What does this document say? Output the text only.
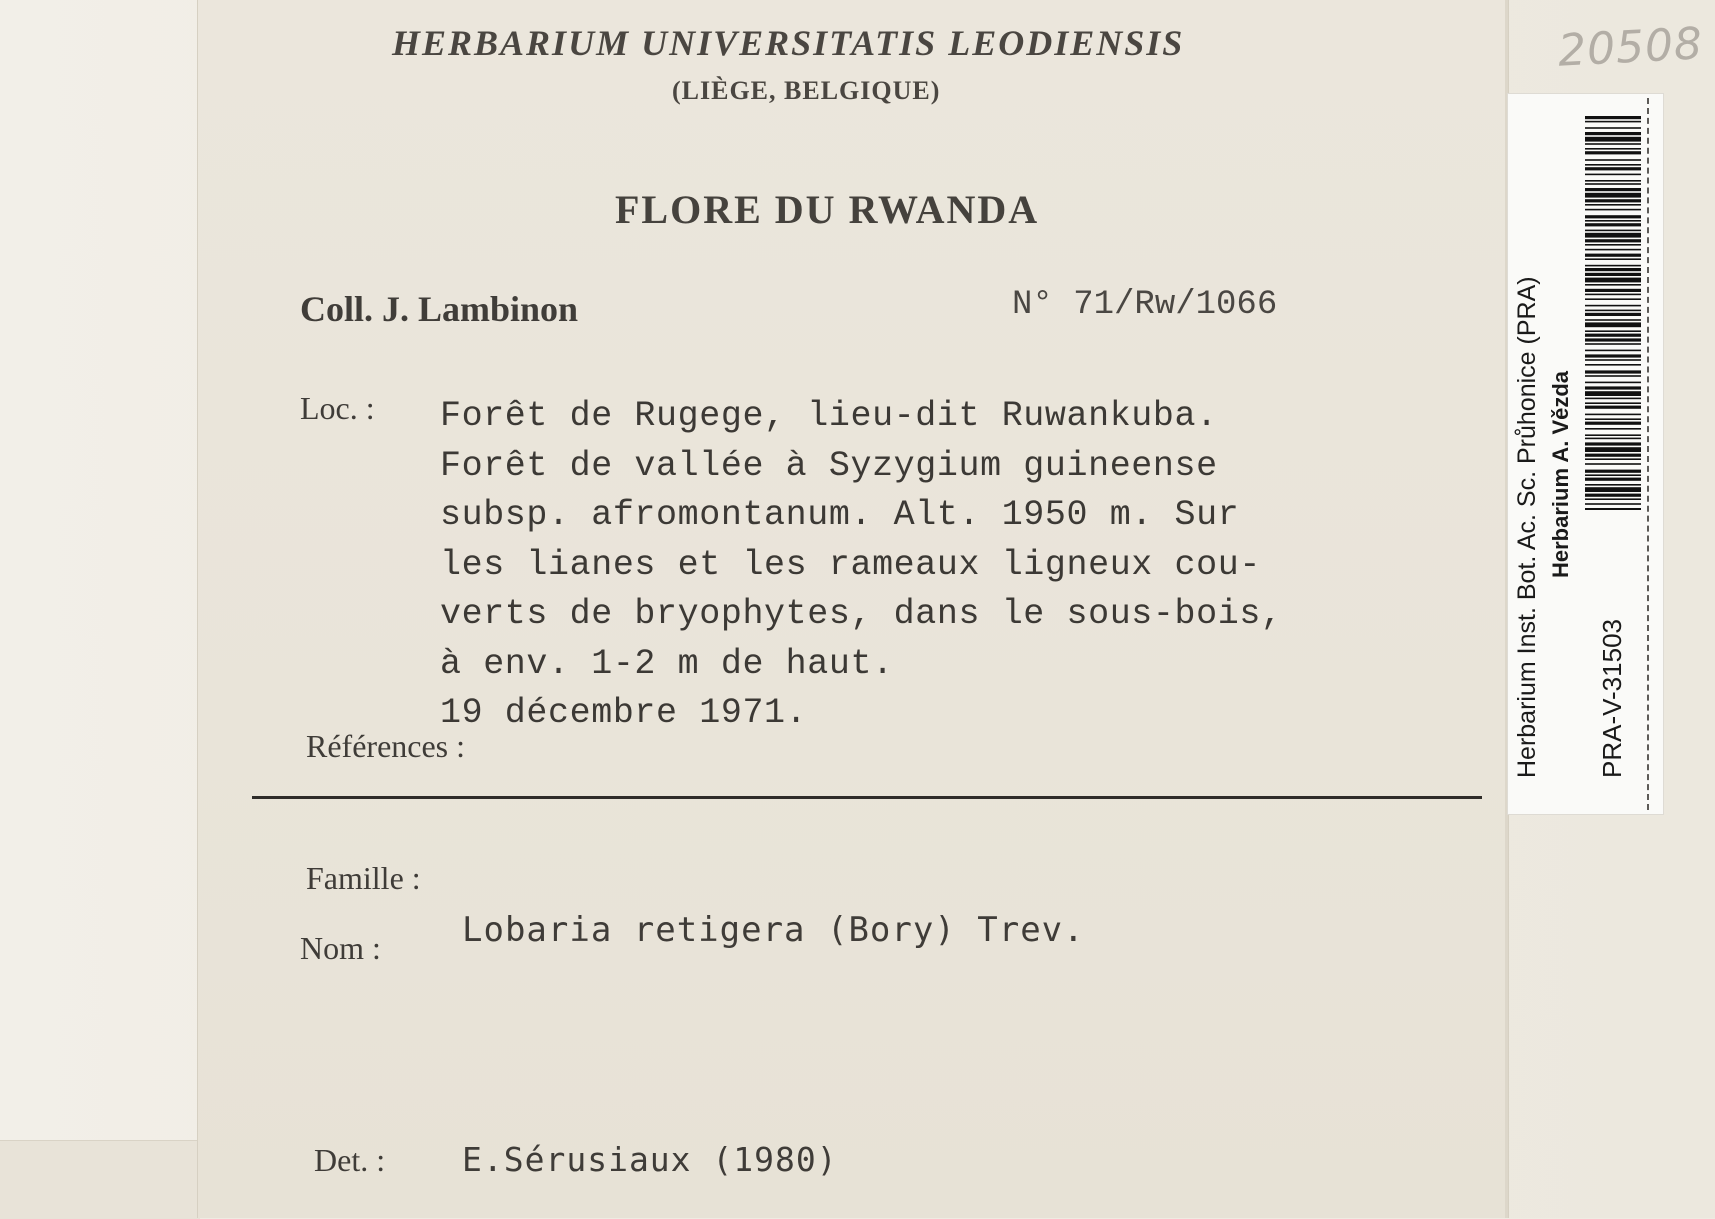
HERBARIUM UNIVERSITATIS LEODIENSIS
(LIÈGE, BELGIQUE)
FLORE DU RWANDA
Coll. J. Lambinon	N° 71/Rw/1066
Loc. : Forêt de Rugege, lieu-dit Ruwankuba.
Forêt de vallée à Syzygium guineense
subsp. afromontanum. Alt. 1950 m. Sur
les lianes et les rameaux ligneux cou-
verts de bryophytes, dans le sous-bois,
à env. 1-2 m de haut.
19 décembre 1971.
Références :
Famille :
Nom : Lobaria retigera (Bory) Trev.
Det. : E.Sérusiaux (1980)
20508
Herbarium Inst. Bot. Ac. Sc. Průhonice (PRA) Herbarium A. Vězda
PRA-V-31503
